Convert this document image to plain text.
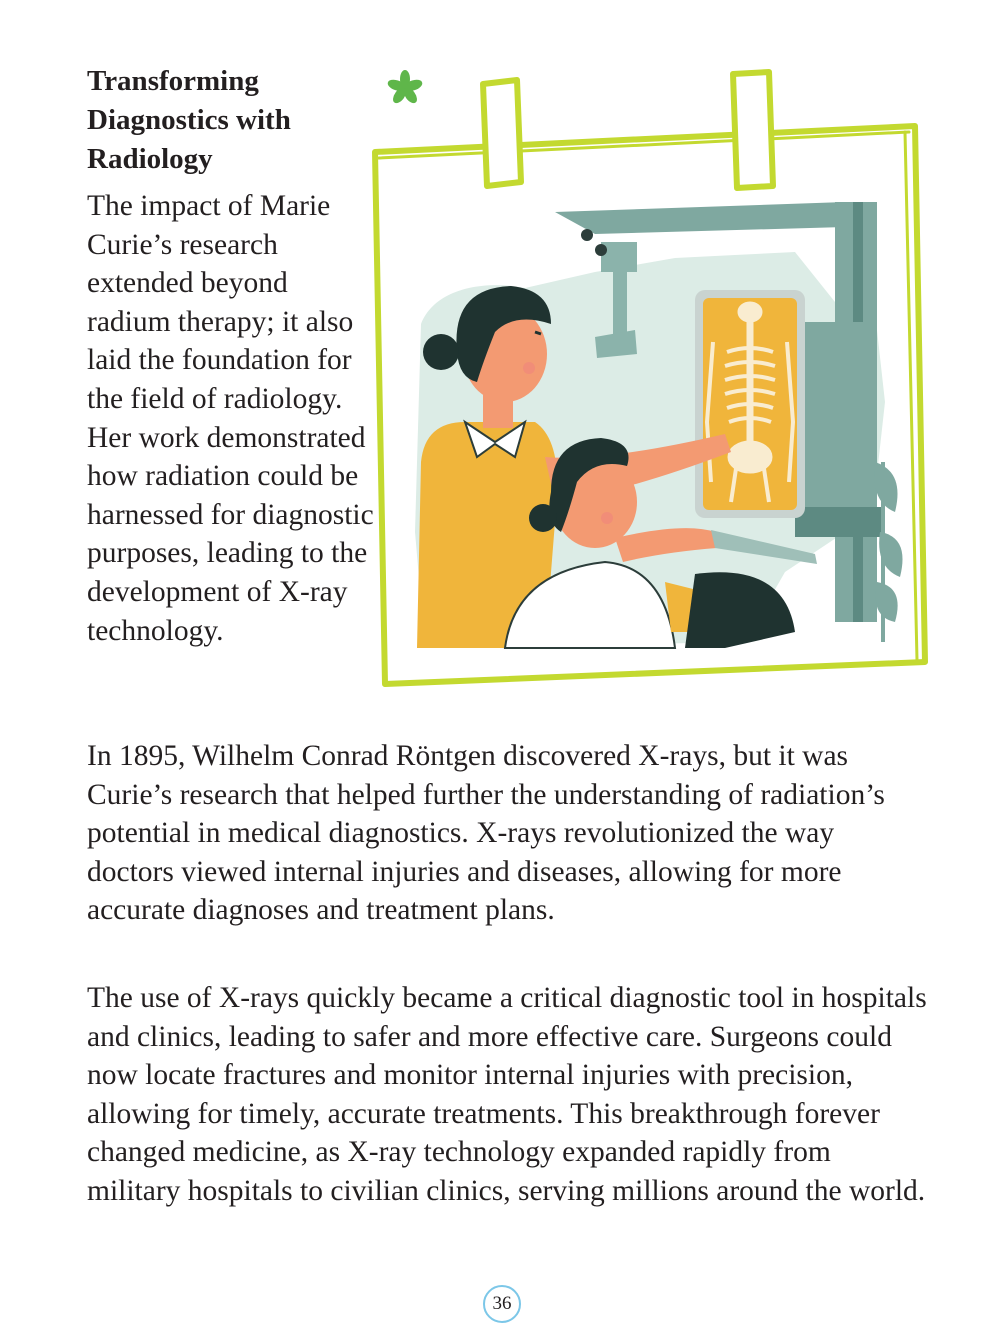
Transforming Diagnostics with Radiology

The impact of Marie Curie’s research extended beyond radium therapy; it also laid the foundation for the field of radiology. Her work demonstrated how radiation could be harnessed for diagnostic purposes, leading to the development of X-ray technology.

In 1895, Wilhelm Conrad Röntgen discovered X-rays, but it was Curie’s research that helped further the understanding of radiation’s potential in medical diagnostics. X-rays revolutionized the way doctors viewed internal injuries and diseases, allowing for more accurate diagnoses and treatment plans.

The use of X-rays quickly became a critical diagnostic tool in hospitals and clinics, leading to safer and more effective care. Surgeons could now locate fractures and monitor internal injuries with precision, allowing for timely, accurate treatments. This breakthrough forever changed medicine, as X-ray technology expanded rapidly from military hospitals to civilian clinics, serving millions around the world.

36
